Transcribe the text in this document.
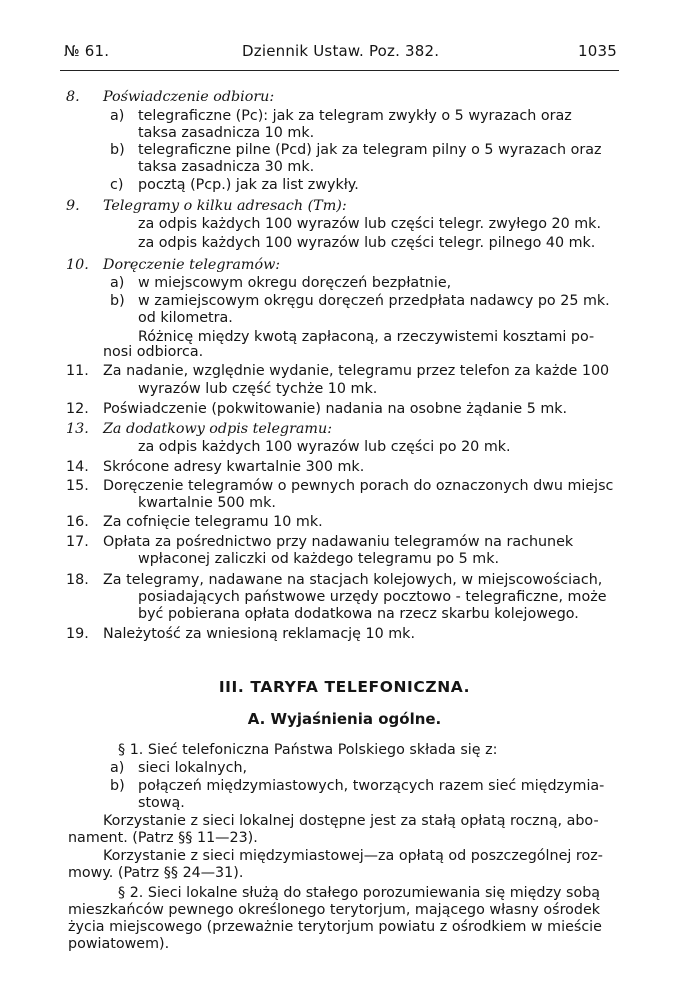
№ 61.	Dziennik Ustaw. Poz. 382.	1035
8. Poświadczenie odbioru:
a) telegraficzne (Pc): jak za telegram zwykły o 5 wyrazach oraz
taksa zasadnicza 10 mk.
b) telegraficzne pilne (Pcd) jak za telegram pilny o 5 wyrazach oraz
taksa zasadnicza 30 mk.
c) pocztą (Pcp.) jak za list zwykły.
9. Telegramy o kilku adresach (Tm):
za odpis każdych 100 wyrazów lub części telegr. zwyłego 20 mk.
za odpis każdych 100 wyrazów lub części telegr. pilnego 40 mk.
10. Doręczenie telegramów:
a) w miejscowym okregu doręczeń bezpłatnie,
b) w zamiejscowym okręgu doręczeń przedpłata nadawcy po 25 mk.
od kilometra.
Różnicę między kwotą zapłaconą, a rzeczywistemi kosztami po-
nosi odbiorca.
11. Za nadanie, względnie wydanie, telegramu przez telefon za każde 100
wyrazów lub część tychże 10 mk.
12. Poświadczenie (pokwitowanie) nadania na osobne żądanie 5 mk.
13. Za dodatkowy odpis telegramu:
za odpis każdych 100 wyrazów lub części po 20 mk.
14. Skrócone adresy kwartalnie 300 mk.
15. Doręczenie telegramów o pewnych porach do oznaczonych dwu miejsc
kwartalnie 500 mk.
16. Za cofnięcie telegramu 10 mk.
17. Opłata za pośrednictwo przy nadawaniu telegramów na rachunek
wpłaconej zaliczki od każdego telegramu po 5 mk.
18. Za telegramy, nadawane na stacjach kolejowych, w miejscowościach,
posiadających państwowe urzędy pocztowo - telegraficzne, może
być pobierana opłata dodatkowa na rzecz skarbu kolejowego.
19. Należytość za wniesioną reklamację 10 mk.
III. TARYFA TELEFONICZNA.
A. Wyjaśnienia ogólne.
§ 1. Sieć telefoniczna Państwa Polskiego składa się z:
a) sieci lokalnych,
b) połączeń międzymiastowych, tworzących razem sieć międzymia-
stową.
Korzystanie z sieci lokalnej dostępne jest za stałą opłatą roczną, abo-
nament. (Patrz §§ 11—23).
Korzystanie z sieci międzymiastowej—za opłatą od poszczególnej roz-
mowy. (Patrz §§ 24—31).
§ 2. Sieci lokalne służą do stałego porozumiewania się między sobą
mieszkańców pewnego określonego terytorjum, mającego własny ośrodek
życia miejscowego (przeważnie terytorjum powiatu z ośrodkiem w mieście
powiatowem).
